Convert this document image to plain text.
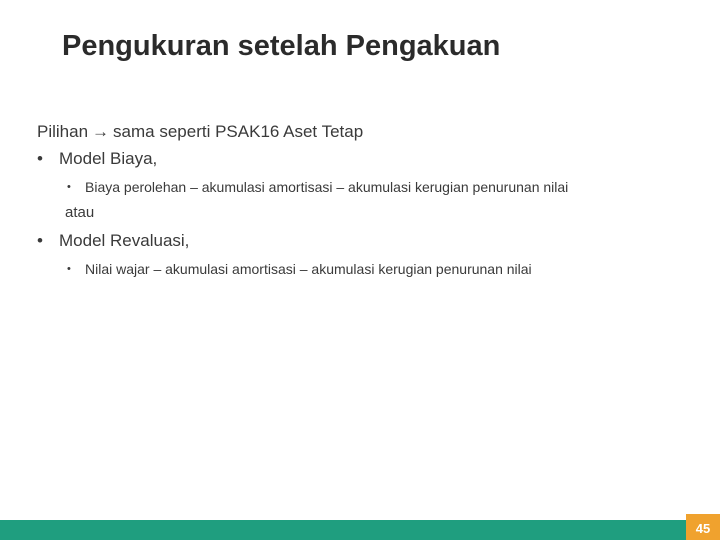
Pengukuran setelah Pengakuan
Pilihan → sama seperti PSAK16 Aset Tetap
• Model Biaya,
• Biaya perolehan – akumulasi amortisasi – akumulasi kerugian penurunan nilai
atau
• Model Revaluasi,
• Nilai wajar – akumulasi amortisasi – akumulasi kerugian penurunan nilai
45
